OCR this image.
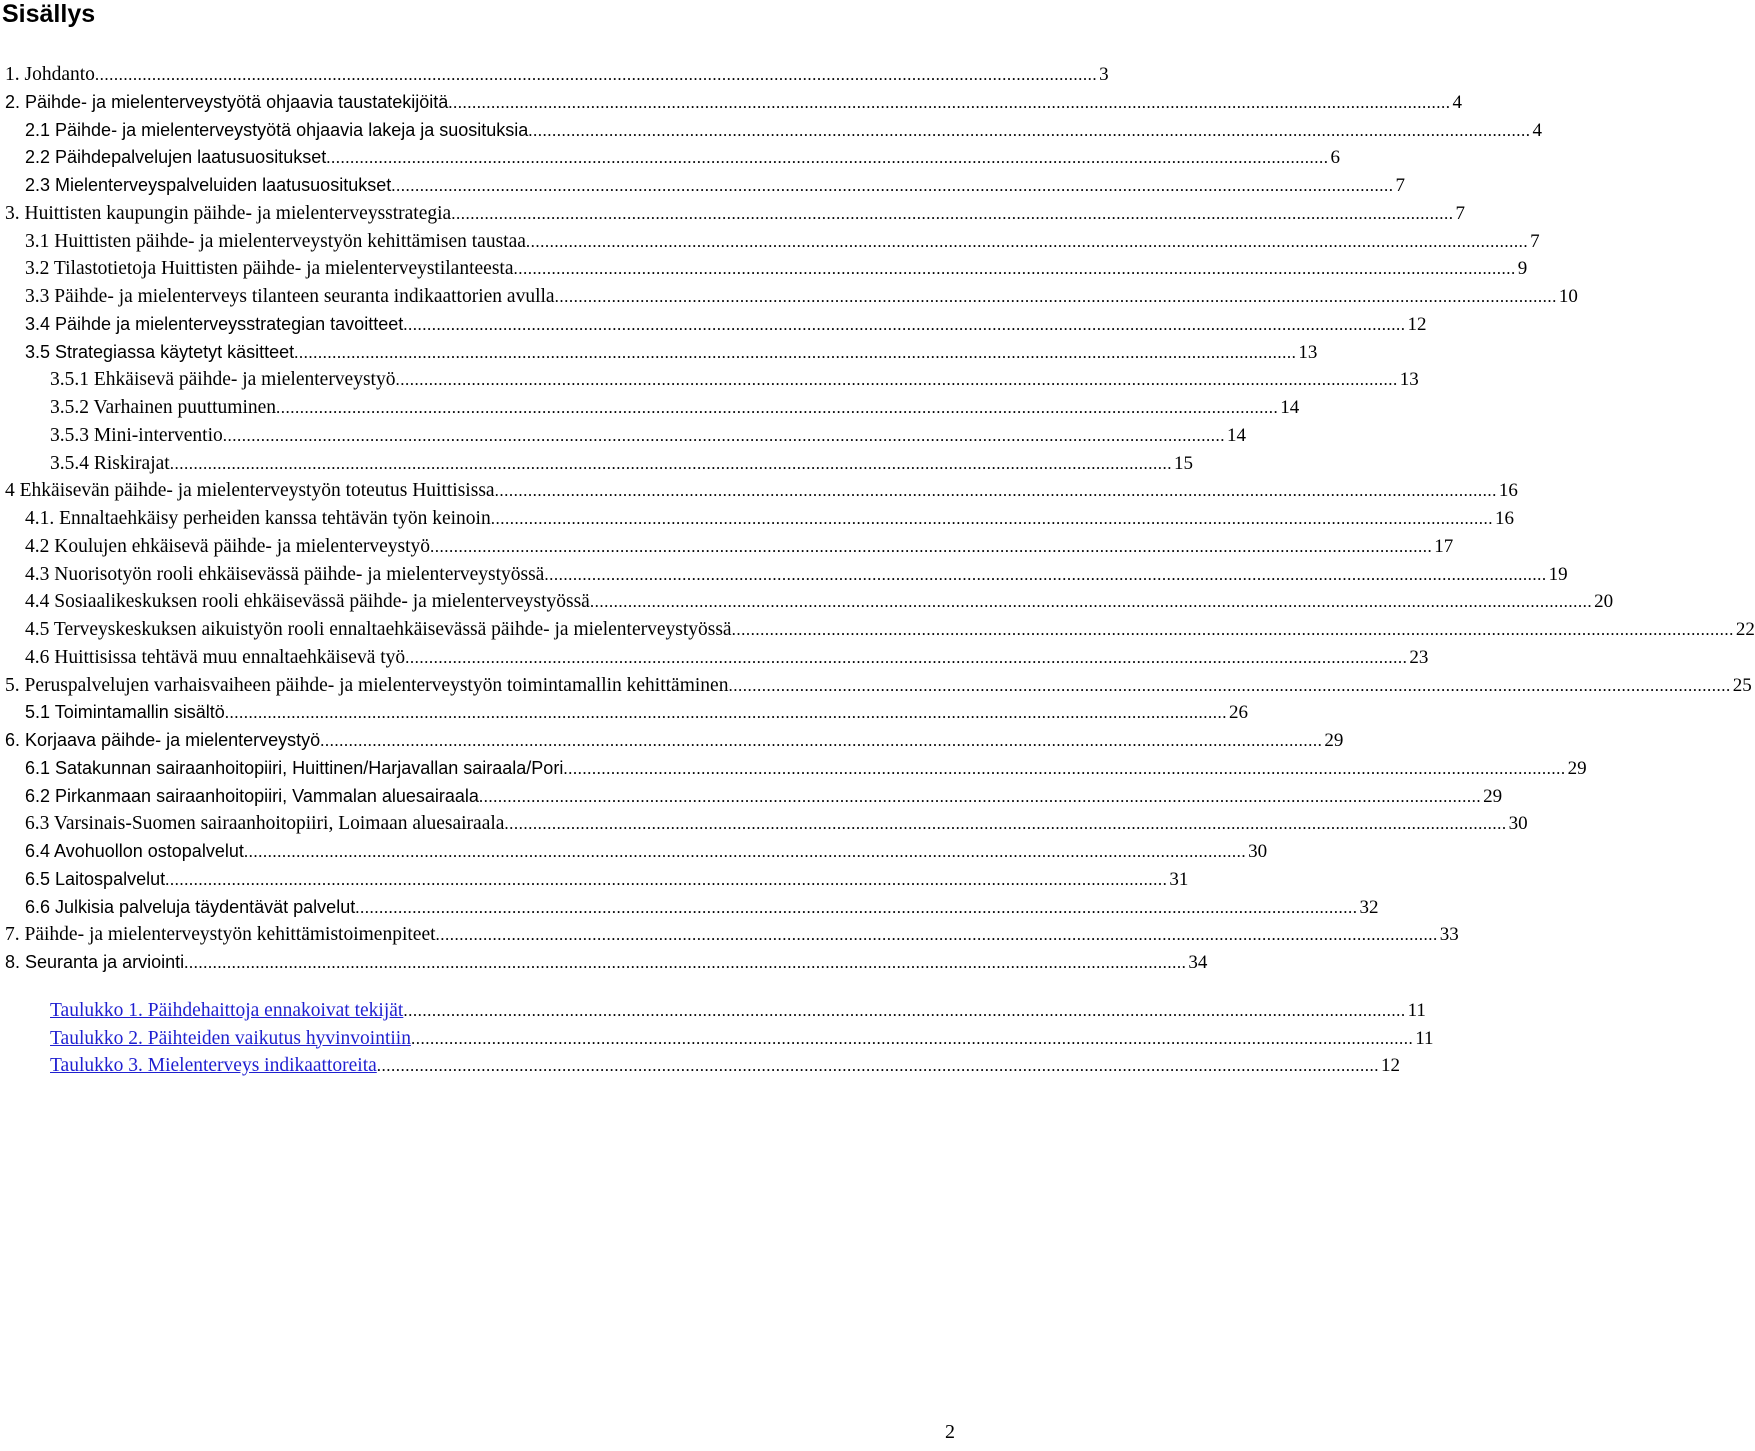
Sisällys
1. Johdanto ................................................................................................................................................................................................................... 3
2. Päihde- ja mielenterveystyötä ohjaavia taustatekijöitä ................................................................................................................................................................................................................... 4
2.1 Päihde- ja mielenterveystyötä ohjaavia lakeja ja suosituksia ................................................................................................................................................................................................................... 4
2.2 Päihdepalvelujen laatusuositukset ................................................................................................................................................................................................................... 6
2.3 Mielenterveyspalveluiden laatusuositukset ................................................................................................................................................................................................................... 7
3. Huittisten kaupungin päihde- ja mielenterveysstrategia ................................................................................................................................................................................................................... 7
3.1 Huittisten päihde- ja mielenterveystyön kehittämisen taustaa ................................................................................................................................................................................................................... 7
3.2 Tilastotietoja Huittisten päihde- ja mielenterveystilanteesta ................................................................................................................................................................................................................... 9
3.3 Päihde- ja mielenterveys tilanteen seuranta indikaattorien avulla ................................................................................................................................................................................................................... 10
3.4 Päihde ja mielenterveysstrategian tavoitteet ................................................................................................................................................................................................................... 12
3.5 Strategiassa käytetyt käsitteet ................................................................................................................................................................................................................... 13
3.5.1 Ehkäisevä päihde- ja mielenterveystyö ................................................................................................................................................................................................................... 13
3.5.2 Varhainen puuttuminen ................................................................................................................................................................................................................... 14
3.5.3 Mini-interventio ................................................................................................................................................................................................................... 14
3.5.4 Riskirajat ................................................................................................................................................................................................................... 15
4 Ehkäisevän päihde- ja mielenterveystyön toteutus Huittisissa ................................................................................................................................................................................................................... 16
4.1. Ennaltaehkäisy perheiden kanssa tehtävän työn keinoin ................................................................................................................................................................................................................... 16
4.2 Koulujen ehkäisevä päihde- ja mielenterveystyö ................................................................................................................................................................................................................... 17
4.3 Nuorisotyön rooli ehkäisevässä päihde- ja mielenterveystyössä ................................................................................................................................................................................................................... 19
4.4 Sosiaalikeskuksen rooli ehkäisevässä päihde- ja mielenterveystyössä ................................................................................................................................................................................................................... 20
4.5 Terveyskeskuksen aikuistyön rooli ennaltaehkäisevässä päihde- ja mielenterveystyössä ................................................................................................................................................................................................................... 22
4.6 Huittisissa tehtävä muu ennaltaehkäisevä työ ................................................................................................................................................................................................................... 23
5. Peruspalvelujen varhaisvaiheen päihde- ja mielenterveystyön toimintamallin kehittäminen ................................................................................................................................................................................................................... 25
5.1 Toimintamallin sisältö ................................................................................................................................................................................................................... 26
6. Korjaava päihde- ja mielenterveystyö ................................................................................................................................................................................................................... 29
6.1 Satakunnan sairaanhoitopiiri, Huittinen/Harjavallan sairaala/Pori ................................................................................................................................................................................................................... 29
6.2 Pirkanmaan sairaanhoitopiiri, Vammalan aluesairaala ................................................................................................................................................................................................................... 29
6.3 Varsinais-Suomen sairaanhoitopiiri, Loimaan aluesairaala ................................................................................................................................................................................................................... 30
6.4 Avohuollon ostopalvelut ................................................................................................................................................................................................................... 30
6.5 Laitospalvelut ................................................................................................................................................................................................................... 31
6.6 Julkisia palveluja täydentävät palvelut ................................................................................................................................................................................................................... 32
7. Päihde- ja mielenterveystyön kehittämistoimenpiteet ................................................................................................................................................................................................................... 33
8. Seuranta ja arviointi ................................................................................................................................................................................................................... 34
Taulukko 1. Päihdehaittoja ennakoivat tekijät ................................................................................................................................................................................................................... 11
Taulukko 2. Päihteiden vaikutus hyvinvointiin ................................................................................................................................................................................................................... 11
Taulukko 3. Mielenterveys indikaattoreita ................................................................................................................................................................................................................... 12
2
